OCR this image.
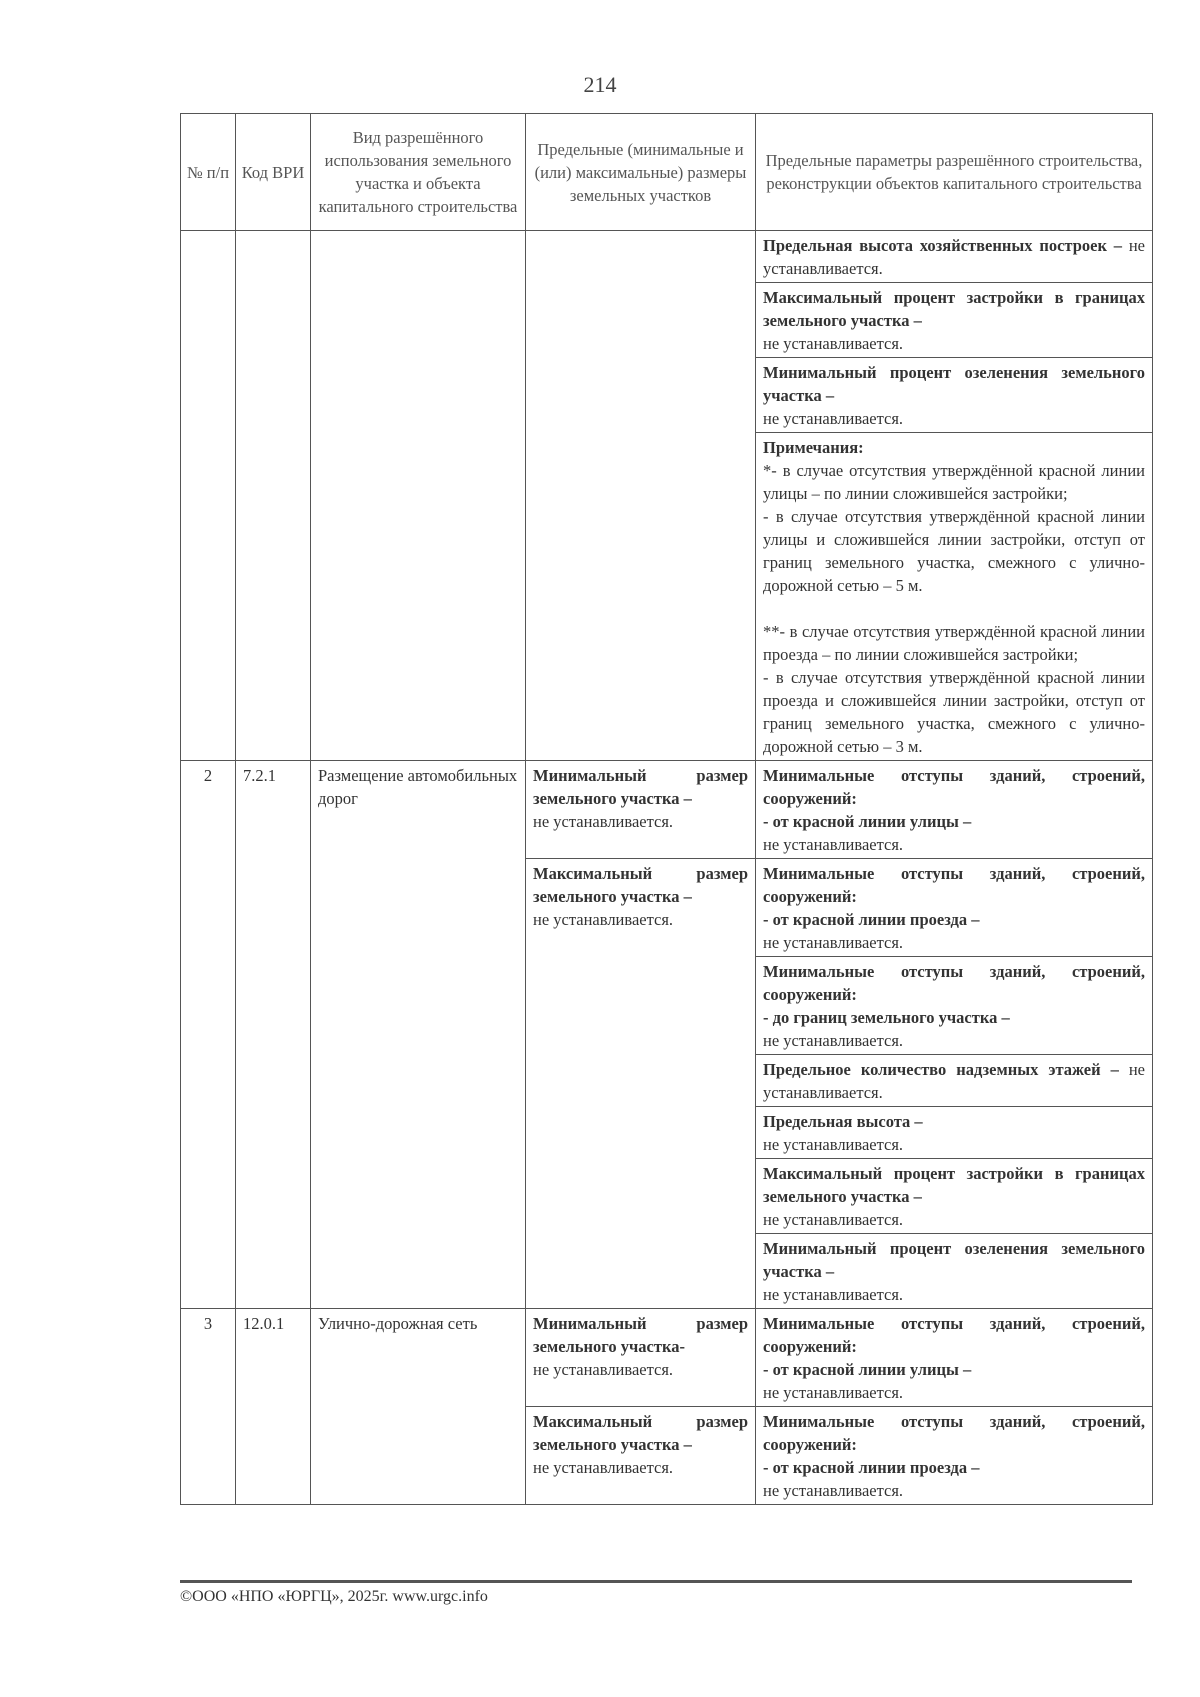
214
№ п/п	Код ВРИ	Вид разрешённого использования земельного участка и объекта капитального строительства	Предельные (минимальные и (или) максимальные) размеры земельных участков	Предельные параметры разрешённого строительства, реконструкции объектов капитального строительства
				Предельная высота хозяйственных построек – не устанавливается.
				Максимальный процент застройки в границах земельного участка –
не устанавливается.
				Минимальный процент озеленения земельного участка –
не устанавливается.

				Примечания:
*- в случае отсутствия утверждённой красной линии улицы – по линии сложившейся застройки;
- в случае отсутствия утверждённой красной линии улицы и сложившейся линии застройки, отступ от границ земельного участка, смежного с улично-дорожной сетью – 5 м.
**- в случае отсутствия утверждённой красной линии проезда – по линии сложившейся застройки;
- в случае отсутствия утверждённой красной линии проезда и сложившейся линии застройки, отступ от границ земельного участка, смежного с улично-дорожной сетью – 3 м.

2	7.2.1	Размещение автомобильных дорог	Минимальный размер земельного участка –
не устанавливается.	Минимальные отступы зданий, строений, сооружений:
- от красной линии улицы –
не устанавливается.
			Максимальный размер земельного участка –
не устанавливается.	Минимальные отступы зданий, строений, сооружений:
- от красной линии проезда –
не устанавливается.
				Минимальные отступы зданий, строений, сооружений:
- до границ земельного участка –
не устанавливается.
				Предельное количество надземных этажей – не устанавливается.
				Предельная высота –
не устанавливается.
				Максимальный процент застройки в границах земельного участка –
не устанавливается.
				Минимальный процент озеленения земельного участка –
не устанавливается.
3	12.0.1	Улично-дорожная сеть	Минимальный размер земельного участка-
не устанавливается.	Минимальные отступы зданий, строений, сооружений:
- от красной линии улицы –
не устанавливается.
			Максимальный размер земельного участка –
не устанавливается.	Минимальные отступы зданий, строений, сооружений:
- от красной линии проезда –
не устанавливается.
©ООО «НПО «ЮРГЦ», 2025г. www.urgc.info
